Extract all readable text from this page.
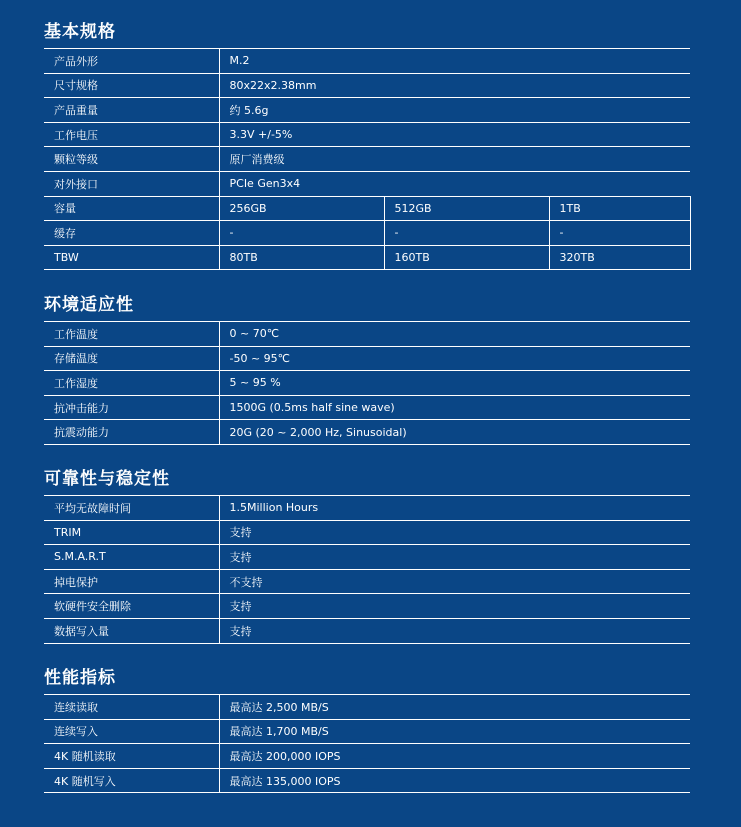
基本规格
产品外形	M.2		
尺寸规格	80x22x2.38mm		
产品重量	约 5.6g		
工作电压	3.3V +/-5%		
颗粒等级	原厂消费级		
对外接口	PCIe Gen3x4		
容量	256GB	512GB	1TB
缓存	-	-	-
TBW	80TB	160TB	320TB
环境适应性
工作温度	0 ~ 70℃
存储温度	-50 ~ 95℃
工作湿度	5 ~ 95 %
抗冲击能力	1500G (0.5ms half sine wave)
抗震动能力	20G (20 ~ 2,000 Hz, Sinusoidal)
可靠性与稳定性
平均无故障时间	1.5Million Hours
TRIM	支持
S.M.A.R.T	支持
掉电保护	不支持
软硬件安全删除	支持
数据写入量	支持
性能指标
连续读取	最高达 2,500 MB/S
连续写入	最高达 1,700 MB/S
4K 随机读取	最高达 200,000 IOPS
4K 随机写入	最高达 135,000 IOPS
